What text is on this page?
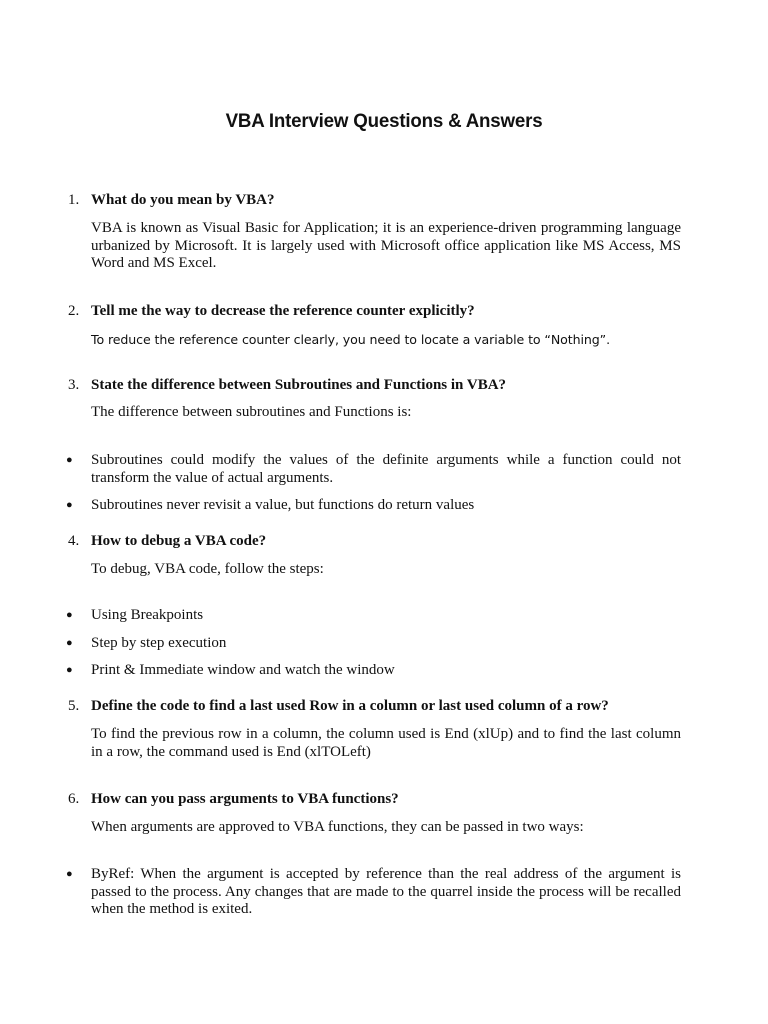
VBA Interview Questions & Answers

1. What do you mean by VBA?

VBA is known as Visual Basic for Application; it is an experience-driven programming language urbanized by Microsoft. It is largely used with Microsoft office application like MS Access, MS Word and MS Excel.

2. Tell me the way to decrease the reference counter explicitly?

To reduce the reference counter clearly, you need to locate a variable to “Nothing”.

3. State the difference between Subroutines and Functions in VBA?

The difference between subroutines and Functions is:

● Subroutines could modify the values of the definite arguments while a function could not transform the value of actual arguments.

● Subroutines never revisit a value, but functions do return values

4. How to debug a VBA code?

To debug, VBA code, follow the steps:

● Using Breakpoints

● Step by step execution

● Print & Immediate window and watch the window

5. Define the code to find a last used Row in a column or last used column of a row?

To find the previous row in a column, the column used is End (xlUp) and to find the last column in a row, the command used is End (xlTOLeft)

6. How can you pass arguments to VBA functions?

When arguments are approved to VBA functions, they can be passed in two ways:

● ByRef: When the argument is accepted by reference than the real address of the argument is passed to the process. Any changes that are made to the quarrel inside the process will be recalled when the method is exited.
